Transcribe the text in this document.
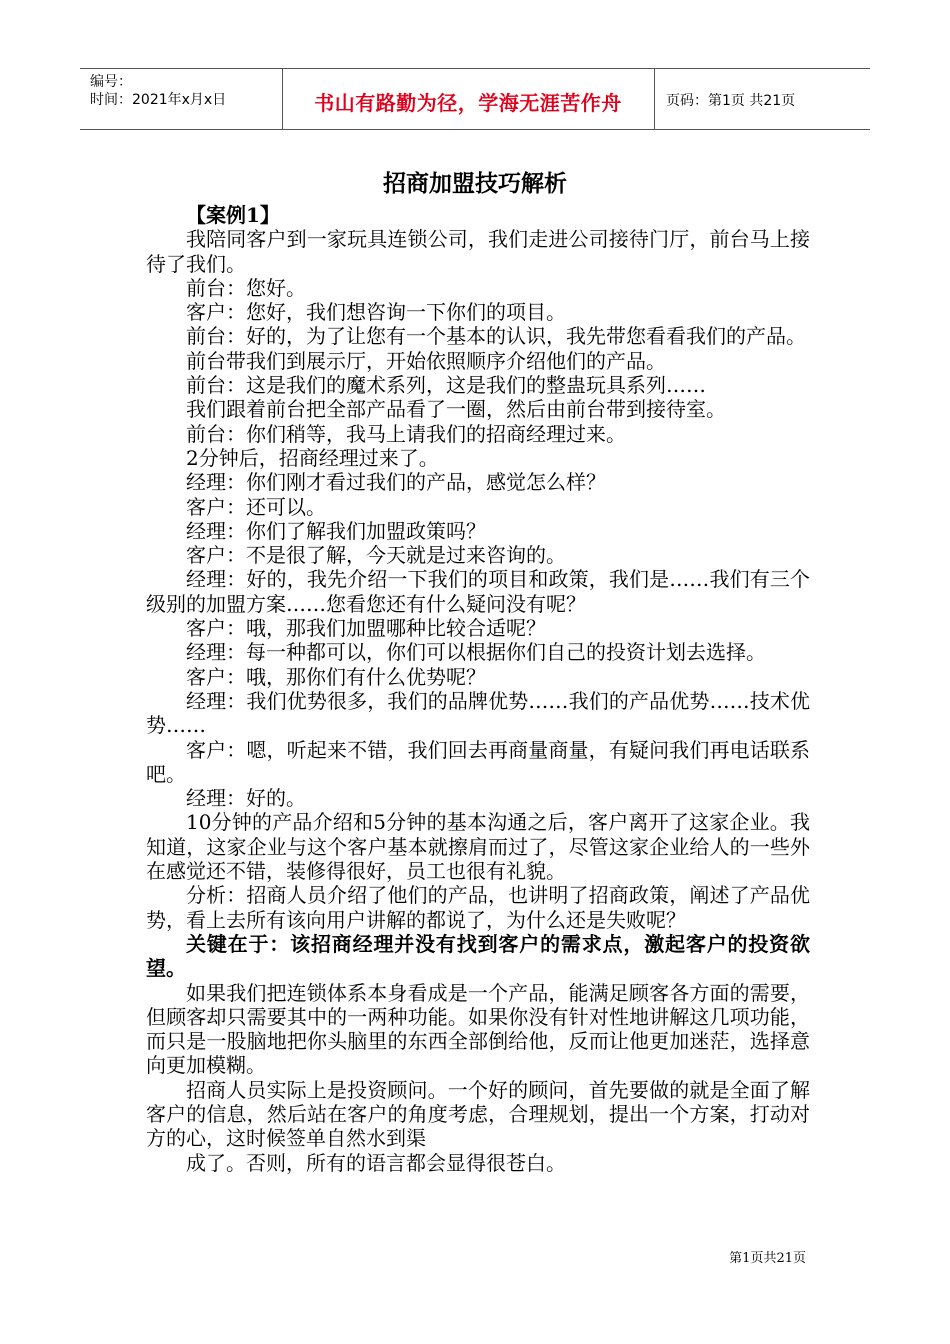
编号：
时间：2021年x月x日	书山有路勤为径，学海无涯苦作舟	页码：第1页 共21页
招商加盟技巧解析

【案例1】

我陪同客户到一家玩具连锁公司，我们走进公司接待门厅，前台马上接待了我们。

前台：您好。

客户：您好，我们想咨询一下你们的项目。

前台：好的，为了让您有一个基本的认识，我先带您看看我们的产品。

前台带我们到展示厅，开始依照顺序介绍他们的产品。

前台：这是我们的魔术系列，这是我们的整蛊玩具系列……

我们跟着前台把全部产品看了一圈，然后由前台带到接待室。

前台：你们稍等，我马上请我们的招商经理过来。

2分钟后，招商经理过来了。

经理：你们刚才看过我们的产品，感觉怎么样？

客户：还可以。

经理：你们了解我们加盟政策吗？

客户：不是很了解，今天就是过来咨询的。

经理：好的，我先介绍一下我们的项目和政策，我们是……我们有三个级别的加盟方案……您看您还有什么疑问没有呢？

客户：哦，那我们加盟哪种比较合适呢？

经理：每一种都可以，你们可以根据你们自己的投资计划去选择。

客户：哦，那你们有什么优势呢？

经理：我们优势很多，我们的品牌优势……我们的产品优势……技术优势……

客户：嗯，听起来不错，我们回去再商量商量，有疑问我们再电话联系吧。

经理：好的。

10分钟的产品介绍和5分钟的基本沟通之后，客户离开了这家企业。我知道，这家企业与这个客户基本就擦肩而过了，尽管这家企业给人的一些外在感觉还不错，装修得很好，员工也很有礼貌。

分析：招商人员介绍了他们的产品，也讲明了招商政策，阐述了产品优势，看上去所有该向用户讲解的都说了，为什么还是失败呢？

关键在于：该招商经理并没有找到客户的需求点，激起客户的投资欲望。

如果我们把连锁体系本身看成是一个产品，能满足顾客各方面的需要，但顾客却只需要其中的一两种功能。如果你没有针对性地讲解这几项功能，而只是一股脑地把你头脑里的东西全部倒给他，反而让他更加迷茫，选择意向更加模糊。

招商人员实际上是投资顾问。一个好的顾问，首先要做的就是全面了解客户的信息，然后站在客户的角度考虑，合理规划，提出一个方案，打动对方的心，这时候签单自然水到渠

成了。否则，所有的语言都会显得很苍白。

第1页共21页
